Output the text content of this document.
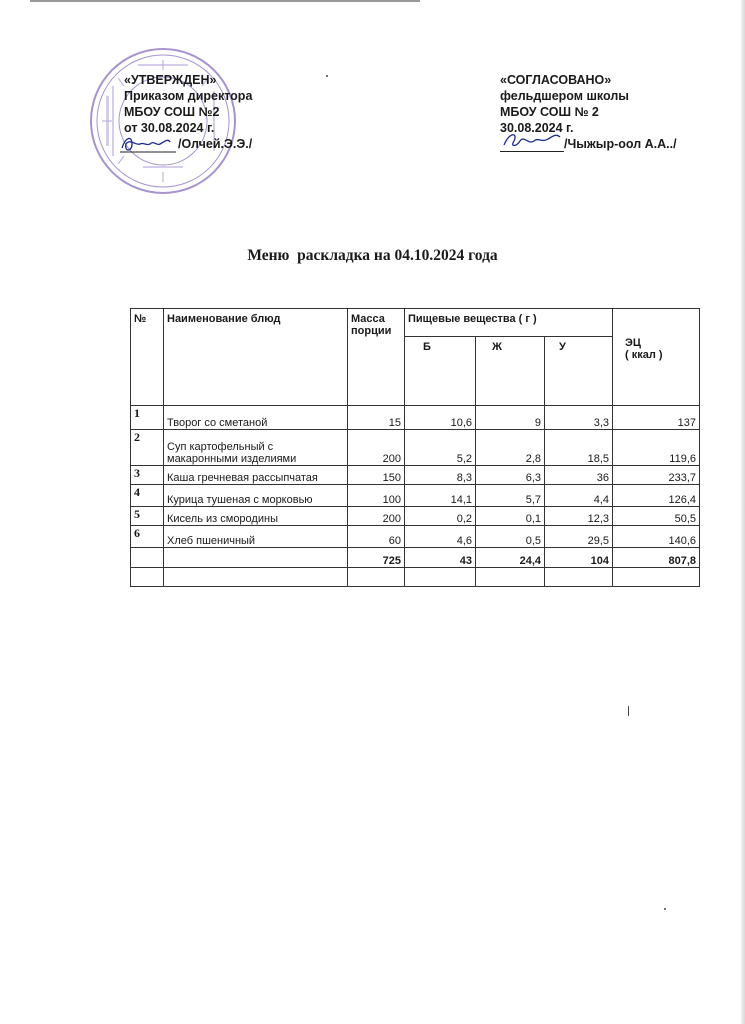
«УТВЕРЖДЕН»
Приказом директора
МБОУ СОШ №2
от 30.08.2024 г.
/Олчей.Э.Э./
«СОГЛАСОВАНО»
фельдшером школы
МБОУ СОШ № 2
30.08.2024 г.
/Чыжыр-оол А.А../
Меню  раскладка на 04.10.2024 года
№	Наименование блюд	Масса порции	Пищевые вещества ( г )			ЭЦ
( ккал )

			Б	Ж	У	
1	Творог со сметаной	15	10,6	9	3,3	137
2	Суп картофельный с макаронными изделиями	200	5,2	2,8	18,5	119,6
3	Каша гречневая рассыпчатая	150	8,3	6,3	36	233,7
4	Курица тушеная с морковью	100	14,1	5,7	4,4	126,4
5	Кисель из смородины	200	0,2	0,1	12,3	50,5
6	Хлеб пшеничный	60	4,6	0,5	29,5	140,6
		725	43	24,4	104	807,8
